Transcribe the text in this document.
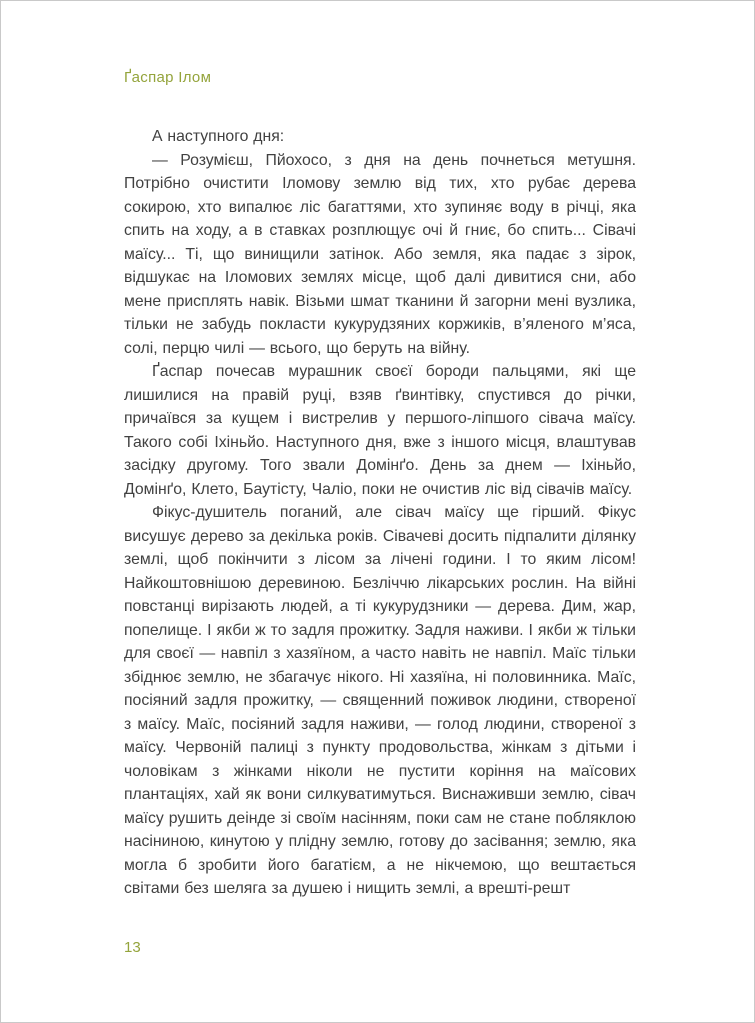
Ґаспар Ілом

А наступного дня:

— Розумієш, Пйохосо, з дня на день почнеться метушня. Потрібно очистити Іломову землю від тих, хто рубає дерева сокирою, хто випалює ліс багаттями, хто зупиняє воду в річці, яка спить на ходу, а в ставках розплющує очі й гниє, бо спить... Сівачі маїсу... Ті, що винищили затінок. Або земля, яка падає з зірок, відшукає на Іломових землях місце, щоб далі дивитися сни, або мене присплять навік. Візьми шмат тканини й загорни мені вузлика, тільки не забудь покласти кукурудзяних коржиків, в’яленого м’яса, солі, перцю чилі — всього, що беруть на війну.

Ґаспар почесав мурашник своєї бороди пальцями, які ще лишилися на правій руці, взяв ґвинтівку, спустився до річки, причаївся за кущем і вистрелив у першого-ліпшого сівача маїсу. Такого собі Іхіньйо. Наступного дня, вже з іншого місця, влаштував засідку другому. Того звали Домінґо. День за днем — Іхіньйо, Домінґо, Клето, Баутісту, Чаліо, поки не очистив ліс від сівачів маїсу.

Фікус-душитель поганий, але сівач маїсу ще гірший. Фікус висушує дерево за декілька років. Сівачеві досить підпалити ділянку землі, щоб покінчити з лісом за лічені години. І то яким лісом! Найкоштовнішою деревиною. Безліччю лікарських рослин. На війні повстанці вирізають людей, а ті кукурудзники — дерева. Дим, жар, попелище. І якби ж то задля прожитку. Задля наживи. І якби ж тільки для своєї — навпіл з хазяїном, а часто навіть не навпіл. Маїс тільки збіднює землю, не збагачує нікого. Ні хазяїна, ні половинника. Маїс, посіяний задля прожитку, — священний поживок людини, створеної з маїсу. Маїс, посіяний задля наживи, — голод людини, створеної з маїсу. Червоній палиці з пункту продовольства, жінкам з дітьми і чоловікам з жінками ніколи не пустити коріння на маїсових плантаціях, хай як вони силкуватимуться. Виснаживши землю, сівач маїсу рушить деінде зі своїм насінням, поки сам не стане побляклою насіниною, кинутою у плідну землю, готову до засівання; землю, яка могла б зробити його багатієм, а не нікчемою, що вештається світами без шеляга за душею і нищить землі, а врешті-решт

13
